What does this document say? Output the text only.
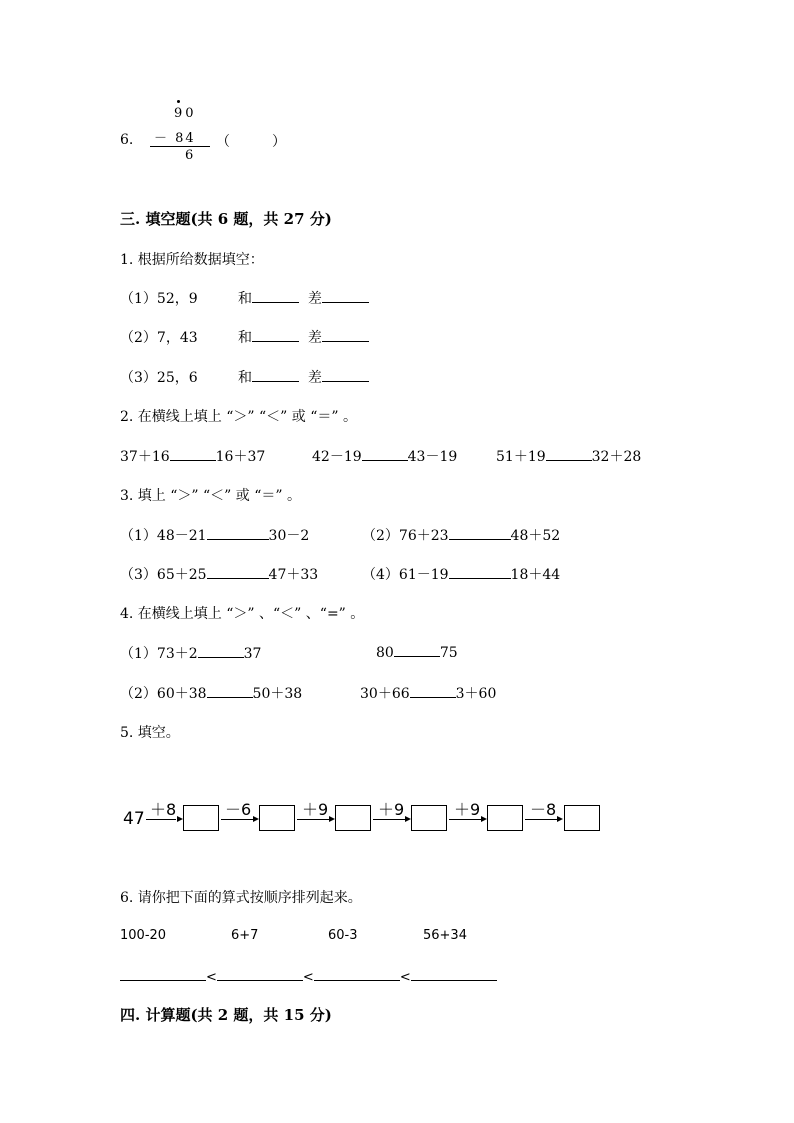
6.
90
－ 84
6
（　　　）
三. 填空题(共 6 题，共 27 分)
1. 根据所给数据填空：
（1）52，9	和	差
（2）7，43	和	差
（3）25，6	和	差
2. 在横线上填上 “＞” “＜” 或 “＝” 。
37＋16	16＋37	42－19	43－19	51＋19	32＋28
3. 填上 “＞” “＜” 或 “＝” 。
（1）48－21	30－2	（2）76＋23	48＋52
（3）65＋25	47＋33	（4）61－19	18＋44
4. 在横线上填上 “＞” 、“＜” 、“=” 。
（1）73＋2	37	80	75
（2）60＋38	50＋38	30＋66	3＋60
5. 填空。
47 ＋8	－6	＋9	＋9	＋9	－8
6. 请你把下面的算式按顺序排列起来。
100-20	6+7	60-3	56+34
<	<	<
四. 计算题(共 2 题，共 15 分)
